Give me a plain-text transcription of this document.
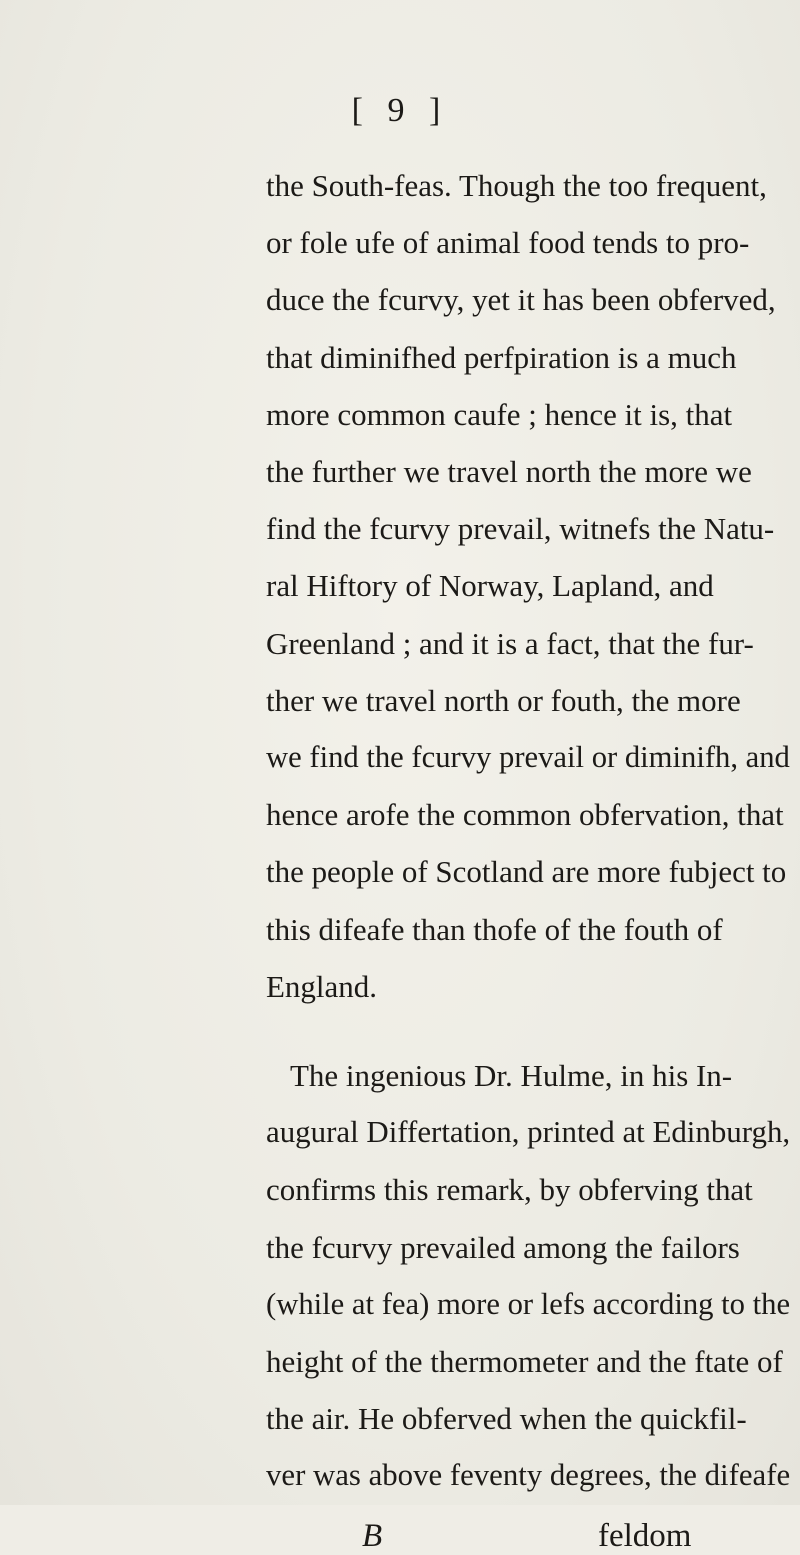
[ 9 ]
the South-feas. Though the too frequent,
or fole ufe of animal food tends to pro-
duce the fcurvy, yet it has been obferved,
that diminifhed perfpiration is a much
more common caufe ; hence it is, that
the further we travel north the more we
find the fcurvy prevail, witnefs the Natu-
ral Hiftory of Norway, Lapland, and
Greenland ; and it is a fact, that the fur-
ther we travel north or fouth, the more
we find the fcurvy prevail or diminifh, and
hence arofe the common obfervation, that
the people of Scotland are more fubject to
this difeafe than thofe of the fouth of
England.
The ingenious Dr. Hulme, in his In-
augural Differtation, printed at Edinburgh,
confirms this remark, by obferving that
the fcurvy prevailed among the failors
(while at fea) more or lefs according to the
height of the thermometer and the ftate of
the air. He obferved when the quickfil-
ver was above feventy degrees, the difeafe
B	feldom
